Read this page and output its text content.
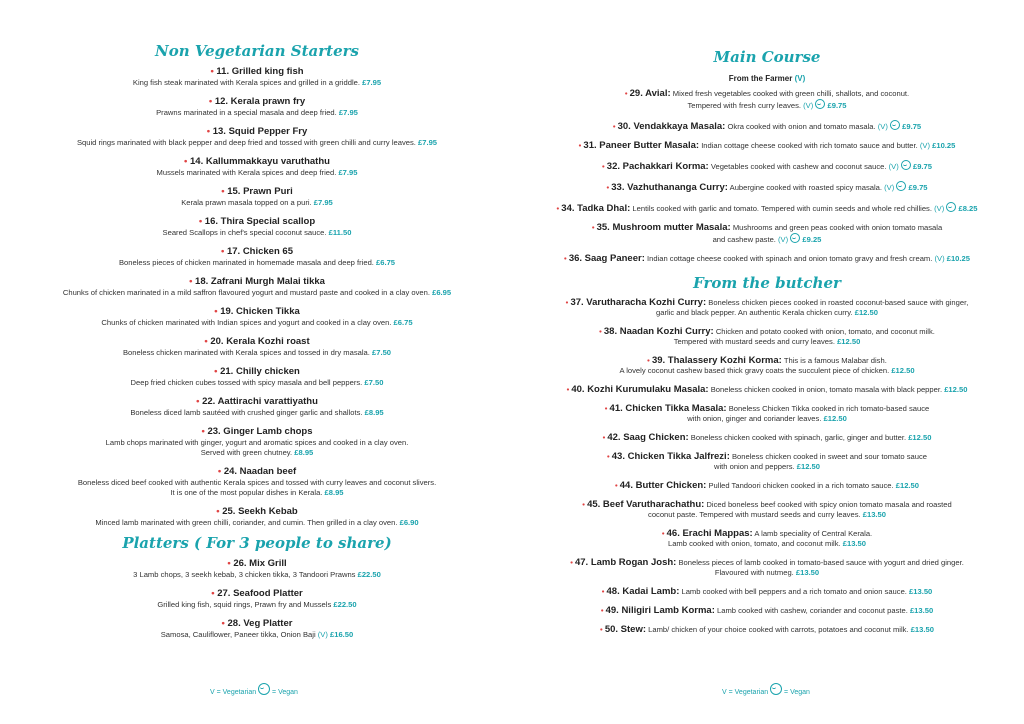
Non Vegetarian Starters
• 11. Grilled king fish
King fish steak marinated with Kerala spices and grilled in a griddle. £7.95
• 12. Kerala prawn fry
Prawns marinated in a special masala and deep fried. £7.95
• 13. Squid Pepper Fry
Squid rings marinated with black pepper and deep fried and tossed with green chilli and curry leaves. £7.95
• 14. Kallummakkayu varuthathu
Mussels marinated with Kerala spices and deep fried. £7.95
• 15. Prawn Puri
Kerala prawn masala topped on a puri. £7.95
• 16. Thira Special scallop
Seared Scallops in chef's special coconut sauce. £11.50
• 17. Chicken 65
Boneless pieces of chicken marinated in homemade masala and deep fried. £6.75
• 18. Zafrani Murgh Malai tikka
Chunks of chicken marinated in a mild saffron flavoured yogurt and mustard paste and cooked in a clay oven. £6.95
• 19. Chicken Tikka
Chunks of chicken marinated with Indian spices and yogurt and cooked in a clay oven. £6.75
• 20. Kerala Kozhi roast
Boneless chicken marinated with Kerala spices and tossed in dry masala. £7.50
• 21. Chilly chicken
Deep fried chicken cubes tossed with spicy masala and bell peppers. £7.50
• 22. Aattirachi varattiyathu
Boneless diced lamb sautéed with crushed ginger garlic and shallots. £8.95
• 23. Ginger Lamb chops
Lamb chops marinated with ginger, yogurt and aromatic spices and cooked in a clay oven.
Served with green chutney. £8.95
• 24. Naadan beef
Boneless diced beef cooked with authentic Kerala spices and tossed with curry leaves and coconut slivers.
It is one of the most popular dishes in Kerala. £8.95
• 25. Seekh Kebab
Minced lamb marinated with green chilli, coriander, and cumin. Then grilled in a clay oven. £6.90
Platters ( For 3 people to share)
• 26. Mix Grill
3 Lamb chops, 3 seekh kebab, 3 chicken tikka, 3 Tandoori Prawns £22.50
• 27. Seafood Platter
Grilled king fish, squid rings, Prawn fry and Mussels £22.50
• 28. Veg Platter
Samosa, Cauliflower, Paneer tikka, Onion Baji (V) £16.50
V = Vegetarian = Vegan
Main Course
From the Farmer (V)
• 29. Avial: Mixed fresh vegetables cooked with green chilli, shallots, and coconut.
Tempered with fresh curry leaves. (V) £9.75
• 30. Vendakkaya Masala: Okra cooked with onion and tomato masala. (V) £9.75
• 31. Paneer Butter Masala: Indian cottage cheese cooked with rich tomato sauce and butter. (V) £10.25
• 32. Pachakkari Korma: Vegetables cooked with cashew and coconut sauce. (V) £9.75
• 33. Vazhuthananga Curry: Aubergine cooked with roasted spicy masala. (V) £9.75
• 34. Tadka Dhal: Lentils cooked with garlic and tomato. Tempered with cumin seeds and whole red chillies. (V) £8.25
• 35. Mushroom mutter Masala: Mushrooms and green peas cooked with onion tomato masala
and cashew paste. (V) £9.25
• 36. Saag Paneer: Indian cottage cheese cooked with spinach and onion tomato gravy and fresh cream. (V) £10.25
From the butcher
• 37. Varutharacha Kozhi Curry: Boneless chicken pieces cooked in roasted coconut-based sauce with ginger,
garlic and black pepper. An authentic Kerala chicken curry. £12.50
• 38. Naadan Kozhi Curry: Chicken and potato cooked with onion, tomato, and coconut milk.
Tempered with mustard seeds and curry leaves. £12.50
• 39. Thalassery Kozhi Korma: This is a famous Malabar dish.
A lovely coconut cashew based thick gravy coats the succulent piece of chicken. £12.50
• 40. Kozhi Kurumulaku Masala: Boneless chicken cooked in onion, tomato masala with black pepper. £12.50
• 41. Chicken Tikka Masala: Boneless Chicken Tikka cooked in rich tomato-based sauce
with onion, ginger and coriander leaves. £12.50
• 42. Saag Chicken: Boneless chicken cooked with spinach, garlic, ginger and butter. £12.50
• 43. Chicken Tikka Jalfrezi: Boneless chicken cooked in sweet and sour tomato sauce
with onion and peppers. £12.50
• 44. Butter Chicken: Pulled Tandoori chicken cooked in a rich tomato sauce. £12.50
• 45. Beef Varutharachathu: Diced boneless beef cooked with spicy onion tomato masala and roasted
coconut paste. Tempered with mustard seeds and curry leaves. £13.50
• 46. Erachi Mappas: A lamb speciality of Central Kerala.
Lamb cooked with onion, tomato, and coconut milk. £13.50
• 47. Lamb Rogan Josh: Boneless pieces of lamb cooked in tomato-based sauce with yogurt and dried ginger.
Flavoured with nutmeg. £13.50
• 48. Kadai Lamb: Lamb cooked with bell peppers and a rich tomato and onion sauce. £13.50
• 49. Niligiri Lamb Korma: Lamb cooked with cashew, coriander and coconut paste. £13.50
• 50. Stew: Lamb/ chicken of your choice cooked with carrots, potatoes and coconut milk. £13.50
V = Vegetarian = Vegan
